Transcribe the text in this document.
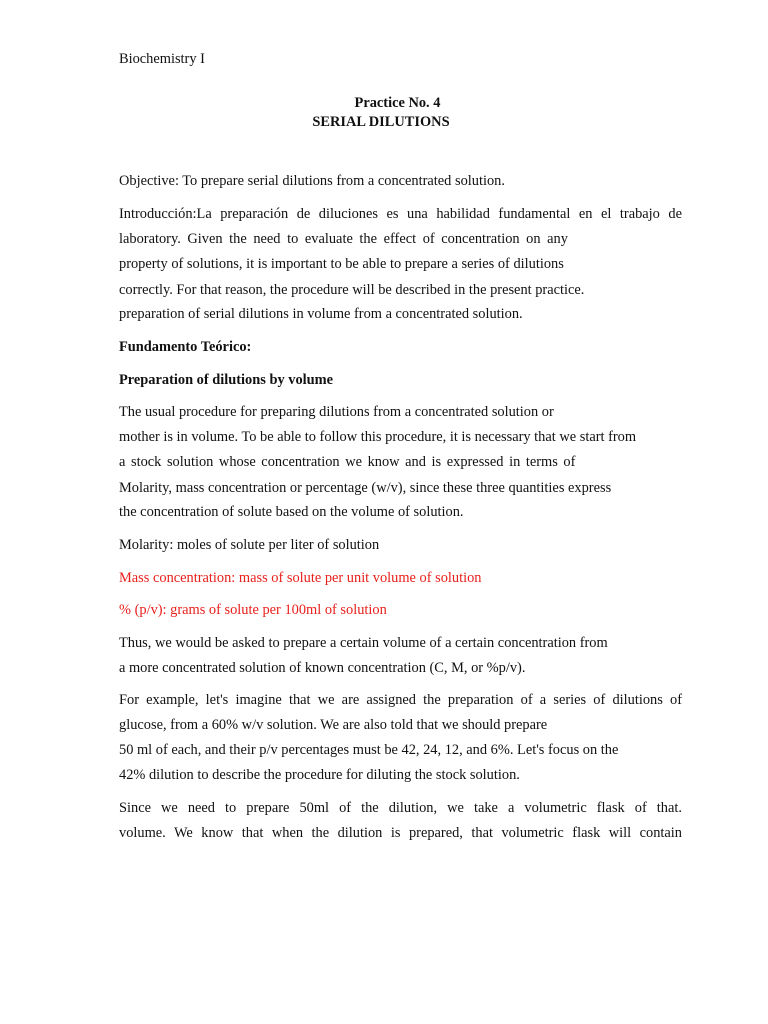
Biochemistry I

Practice No. 4

SERIAL DILUTIONS

Objective: To prepare serial dilutions from a concentrated solution.

Introducción:La preparación de diluciones es una habilidad fundamental en el trabajo de

laboratory. Given the need to evaluate the effect of concentration on any

property of solutions, it is important to be able to prepare a series of dilutions

correctly. For that reason, the procedure will be described in the present practice.

preparation of serial dilutions in volume from a concentrated solution.

Fundamento Teórico:

Preparation of dilutions by volume

The usual procedure for preparing dilutions from a concentrated solution or

mother is in volume. To be able to follow this procedure, it is necessary that we start from

a stock solution whose concentration we know and is expressed in terms of

Molarity, mass concentration or percentage (w/v), since these three quantities express

the concentration of solute based on the volume of solution.

Molarity: moles of solute per liter of solution

Mass concentration: mass of solute per unit volume of solution

% (p/v): grams of solute per 100ml of solution

Thus, we would be asked to prepare a certain volume of a certain concentration from

a more concentrated solution of known concentration (C, M, or %p/v).

For example, let's imagine that we are assigned the preparation of a series of dilutions of

glucose, from a 60% w/v solution. We are also told that we should prepare

50 ml of each, and their p/v percentages must be 42, 24, 12, and 6%. Let's focus on the

42% dilution to describe the procedure for diluting the stock solution.

Since we need to prepare 50ml of the dilution, we take a volumetric flask of that.

volume. We know that when the dilution is prepared, that volumetric flask will contain
